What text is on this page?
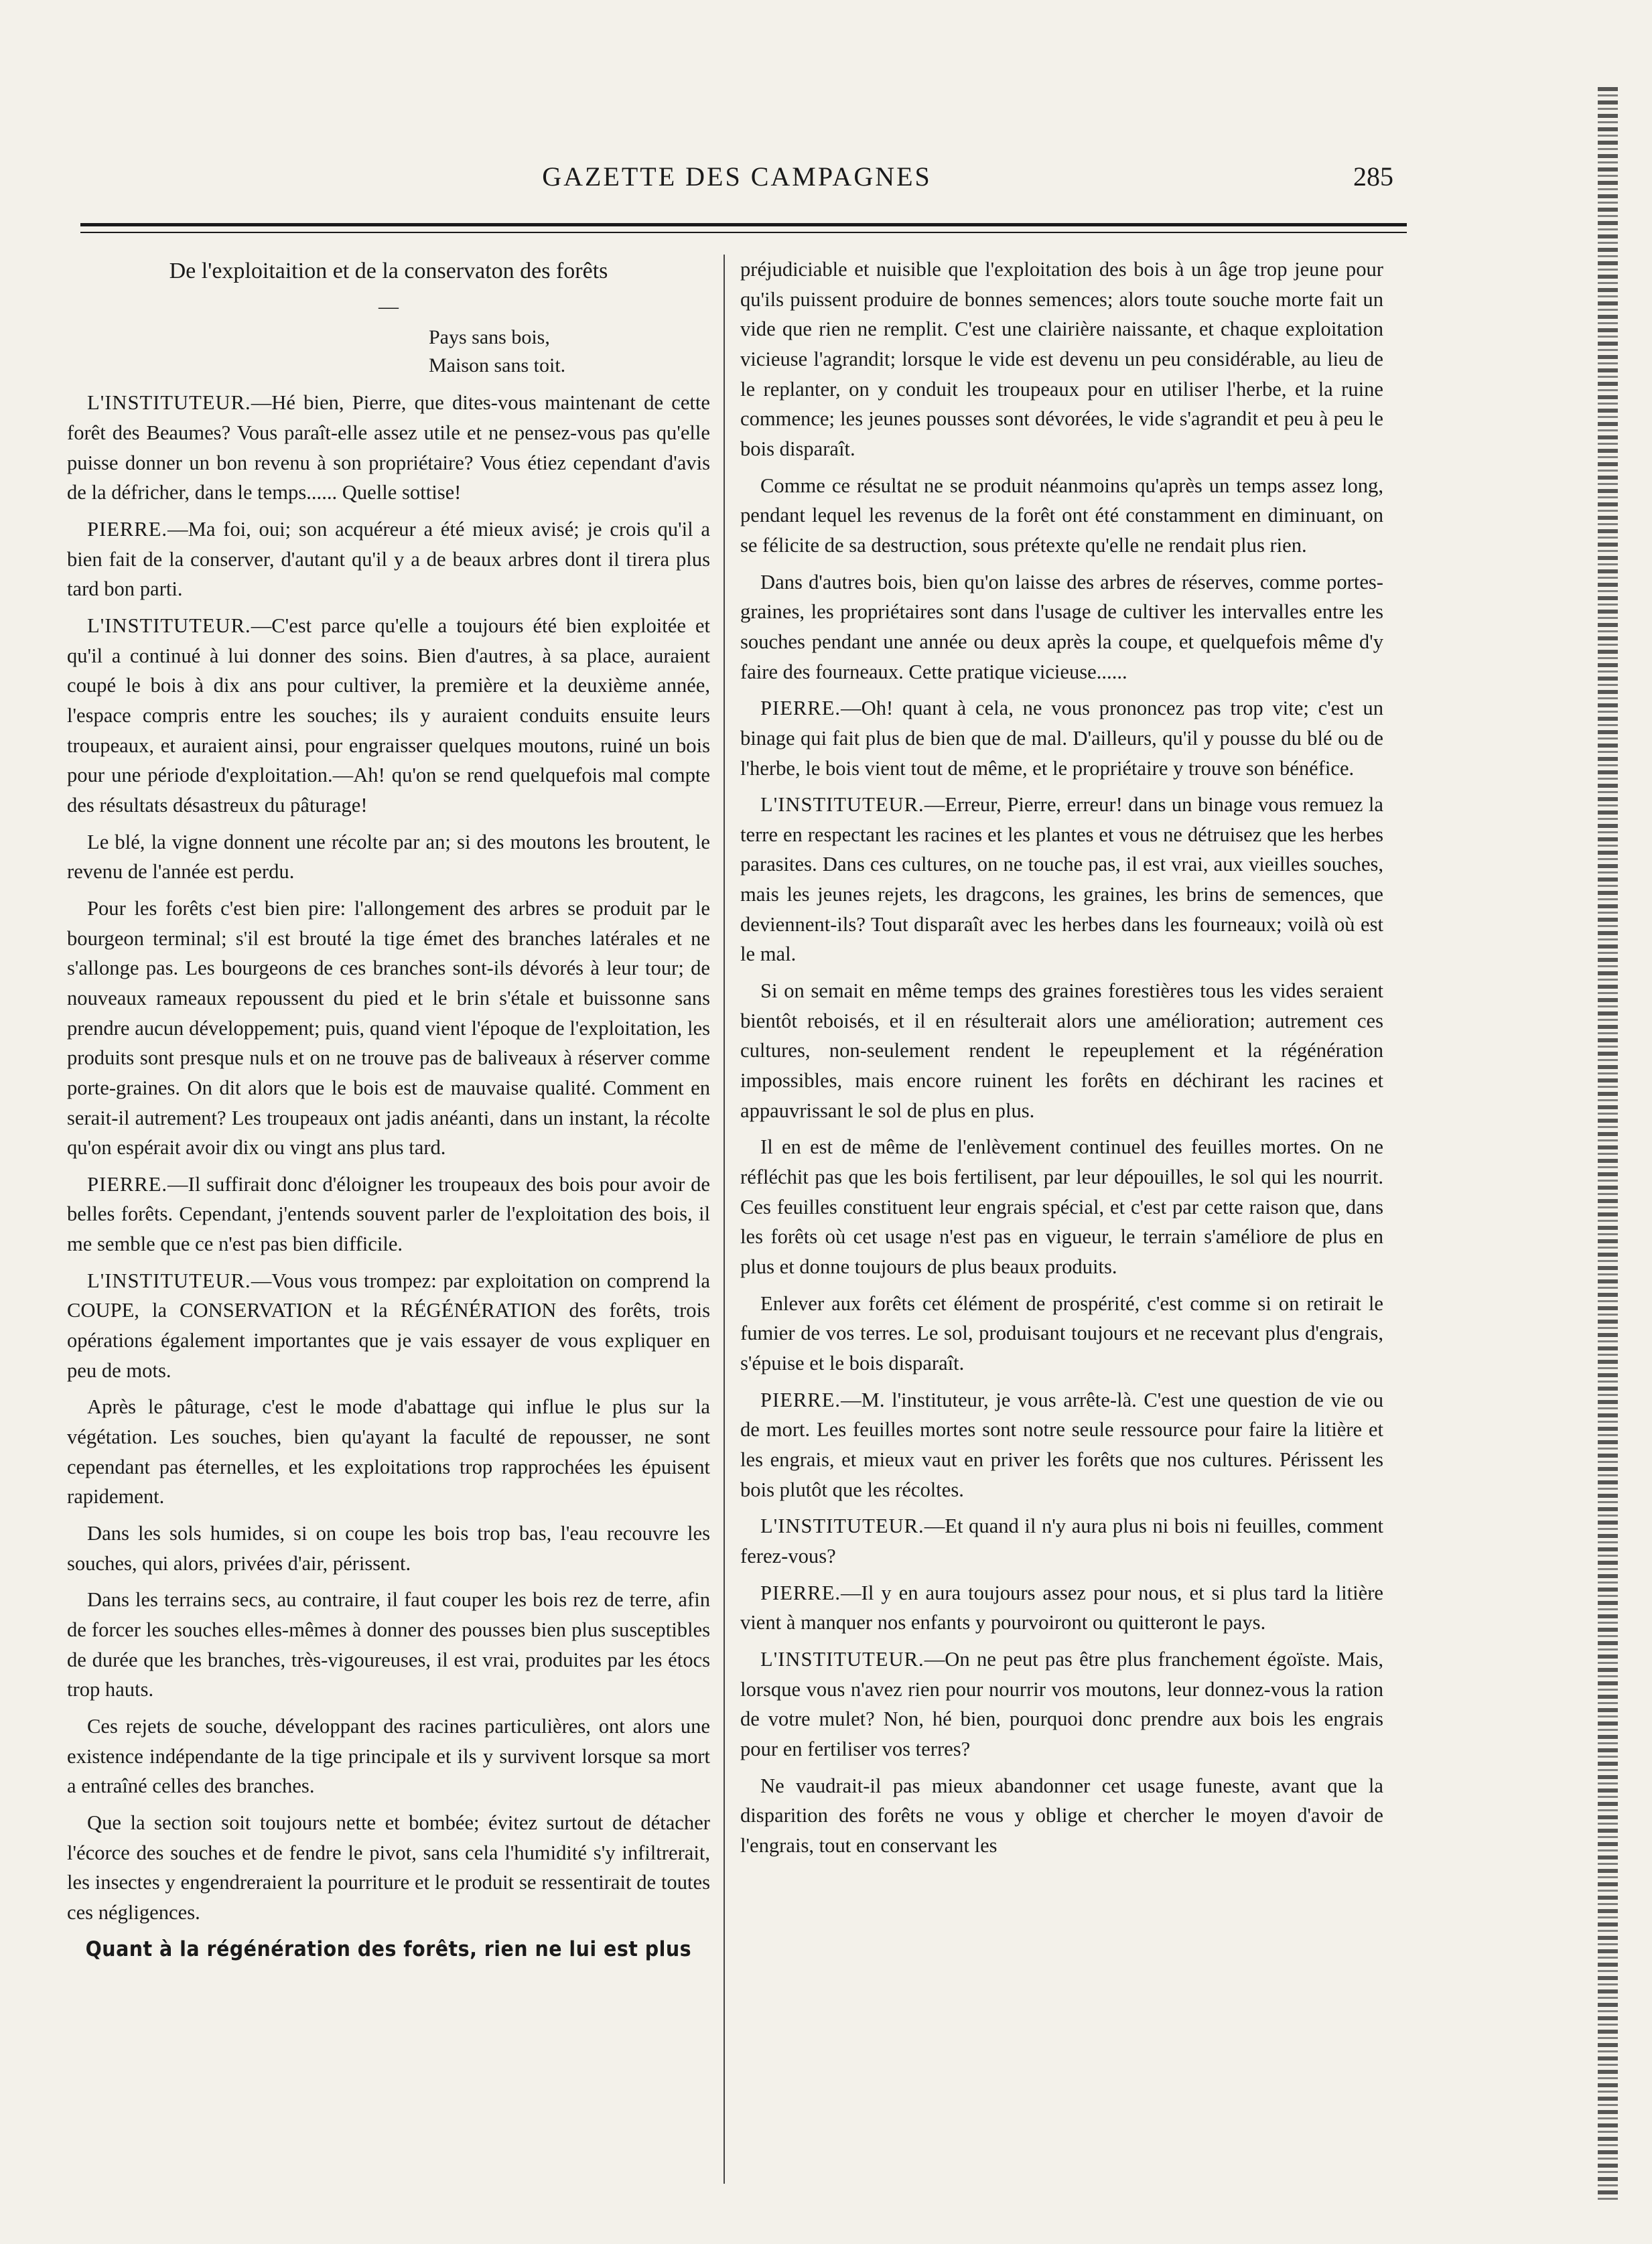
GAZETTE DES CAMPAGNES	285
De l'exploitaition et de la conservaton des forêts
—
Pays sans bois,
Maison sans toit.

L'INSTITUTEUR.—Hé bien, Pierre, que dites-vous maintenant de cette forêt des Beaumes? Vous paraît-elle assez utile et ne pensez-vous pas qu'elle puisse donner un bon revenu à son propriétaire? Vous étiez cependant d'avis de la défricher, dans le temps...... Quelle sottise!

PIERRE.—Ma foi, oui; son acquéreur a été mieux avisé; je crois qu'il a bien fait de la conserver, d'autant qu'il y a de beaux arbres dont il tirera plus tard bon parti.

L'INSTITUTEUR.—C'est parce qu'elle a toujours été bien exploitée et qu'il a continué à lui donner des soins. Bien d'autres, à sa place, auraient coupé le bois à dix ans pour cultiver, la première et la deuxième année, l'espace compris entre les souches; ils y auraient conduits ensuite leurs troupeaux, et auraient ainsi, pour engraisser quelques moutons, ruiné un bois pour une période d'exploitation.—Ah! qu'on se rend quelquefois mal compte des résultats désastreux du pâturage!

Le blé, la vigne donnent une récolte par an; si des moutons les broutent, le revenu de l'année est perdu.

Pour les forêts c'est bien pire: l'allongement des arbres se produit par le bourgeon terminal; s'il est brouté la tige émet des branches latérales et ne s'allonge pas. Les bourgeons de ces branches sont-ils dévorés à leur tour; de nouveaux rameaux repoussent du pied et le brin s'étale et buissonne sans prendre aucun développement; puis, quand vient l'époque de l'exploitation, les produits sont presque nuls et on ne trouve pas de baliveaux à réserver comme porte-graines. On dit alors que le bois est de mauvaise qualité. Comment en serait-il autrement? Les troupeaux ont jadis anéanti, dans un instant, la récolte qu'on espérait avoir dix ou vingt ans plus tard.

PIERRE.—Il suffirait donc d'éloigner les troupeaux des bois pour avoir de belles forêts. Cependant, j'entends souvent parler de l'exploitation des bois, il me semble que ce n'est pas bien difficile.

L'INSTITUTEUR.—Vous vous trompez: par exploitation on comprend la COUPE, la CONSERVATION et la RÉGÉNÉRATION des forêts, trois opérations également importantes que je vais essayer de vous expliquer en peu de mots.

Après le pâturage, c'est le mode d'abattage qui influe le plus sur la végétation. Les souches, bien qu'ayant la faculté de repousser, ne sont cependant pas éternelles, et les exploitations trop rapprochées les épuisent rapidement.

Dans les sols humides, si on coupe les bois trop bas, l'eau recouvre les souches, qui alors, privées d'air, périssent.

Dans les terrains secs, au contraire, il faut couper les bois rez de terre, afin de forcer les souches elles-mêmes à donner des pousses bien plus susceptibles de durée que les branches, très-vigoureuses, il est vrai, produites par les étocs trop hauts.

Ces rejets de souche, développant des racines particulières, ont alors une existence indépendante de la tige principale et ils y survivent lorsque sa mort a entraîné celles des branches.

Que la section soit toujours nette et bombée; évitez surtout de détacher l'écorce des souches et de fendre le pivot, sans cela l'humidité s'y infiltrerait, les insectes y engendreraient la pourriture et le produit se ressentirait de toutes ces négligences.

Quant à la régénération des forêts, rien ne lui est plus

préjudiciable et nuisible que l'exploitation des bois à un âge trop jeune pour qu'ils puissent produire de bonnes semences; alors toute souche morte fait un vide que rien ne remplit. C'est une clairière naissante, et chaque exploitation vicieuse l'agrandit; lorsque le vide est devenu un peu considérable, au lieu de le replanter, on y conduit les troupeaux pour en utiliser l'herbe, et la ruine commence; les jeunes pousses sont dévorées, le vide s'agrandit et peu à peu le bois disparaît.

Comme ce résultat ne se produit néanmoins qu'après un temps assez long, pendant lequel les revenus de la forêt ont été constamment en diminuant, on se félicite de sa destruction, sous prétexte qu'elle ne rendait plus rien.

Dans d'autres bois, bien qu'on laisse des arbres de réserves, comme portes-graines, les propriétaires sont dans l'usage de cultiver les intervalles entre les souches pendant une année ou deux après la coupe, et quelquefois même d'y faire des fourneaux. Cette pratique vicieuse......

PIERRE.—Oh! quant à cela, ne vous prononcez pas trop vite; c'est un binage qui fait plus de bien que de mal. D'ailleurs, qu'il y pousse du blé ou de l'herbe, le bois vient tout de même, et le propriétaire y trouve son bénéfice.

L'INSTITUTEUR.—Erreur, Pierre, erreur! dans un binage vous remuez la terre en respectant les racines et les plantes et vous ne détruisez que les herbes parasites. Dans ces cultures, on ne touche pas, il est vrai, aux vieilles souches, mais les jeunes rejets, les dragcons, les graines, les brins de semences, que deviennent-ils? Tout disparaît avec les herbes dans les fourneaux; voilà où est le mal.

Si on semait en même temps des graines forestières tous les vides seraient bientôt reboisés, et il en résulterait alors une amélioration; autrement ces cultures, non-seulement rendent le repeuplement et la régénération impossibles, mais encore ruinent les forêts en déchirant les racines et appauvrissant le sol de plus en plus.

Il en est de même de l'enlèvement continuel des feuilles mortes. On ne réfléchit pas que les bois fertilisent, par leur dépouilles, le sol qui les nourrit. Ces feuilles constituent leur engrais spécial, et c'est par cette raison que, dans les forêts où cet usage n'est pas en vigueur, le terrain s'améliore de plus en plus et donne toujours de plus beaux produits.

Enlever aux forêts cet élément de prospérité, c'est comme si on retirait le fumier de vos terres. Le sol, produisant toujours et ne recevant plus d'engrais, s'épuise et le bois disparaît.

PIERRE.—M. l'instituteur, je vous arrête-là. C'est une question de vie ou de mort. Les feuilles mortes sont notre seule ressource pour faire la litière et les engrais, et mieux vaut en priver les forêts que nos cultures. Périssent les bois plutôt que les récoltes.

L'INSTITUTEUR.—Et quand il n'y aura plus ni bois ni feuilles, comment ferez-vous?

PIERRE.—Il y en aura toujours assez pour nous, et si plus tard la litière vient à manquer nos enfants y pourvoiront ou quitteront le pays.

L'INSTITUTEUR.—On ne peut pas être plus franchement égoïste. Mais, lorsque vous n'avez rien pour nourrir vos moutons, leur donnez-vous la ration de votre mulet? Non, hé bien, pourquoi donc prendre aux bois les engrais pour en fertiliser vos terres?

Ne vaudrait-il pas mieux abandonner cet usage funeste, avant que la disparition des forêts ne vous y oblige et chercher le moyen d'avoir de l'engrais, tout en conservant les
